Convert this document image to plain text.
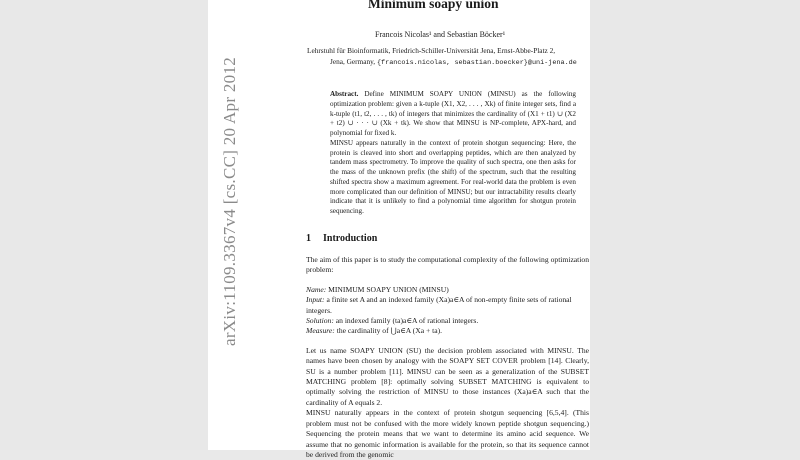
arXiv:1109.3367v4 [cs.CC] 20 Apr 2012
Minimum soapy union
Francois Nicolas¹ and Sebastian Böcker¹
Lehrstuhl für Bioinformatik, Friedrich-Schiller-Universität Jena, Ernst-Abbe-Platz 2,
Jena, Germany, {francois.nicolas, sebastian.boecker}@uni-jena.de

Abstract. Define MINIMUM SOAPY UNION (MINSU) as the following optimization problem: given a k-tuple (X1, X2, . . . , Xk) of finite integer sets, find a k-tuple (t1, t2, . . . , tk) of integers that minimizes the cardinality of (X1 + t1) ∪ (X2 + t2) ∪ · · · ∪ (Xk + tk). We show that MINSU is NP-complete, APX-hard, and polynomial for fixed k.

MINSU appears naturally in the context of protein shotgun sequencing: Here, the protein is cleaved into short and overlapping peptides, which are then analyzed by tandem mass spectrometry. To improve the quality of such spectra, one then asks for the mass of the unknown prefix (the shift) of the spectrum, such that the resulting shifted spectra show a maximum agreement. For real-world data the problem is even more complicated than our definition of MINSU; but our intractability results clearly indicate that it is unlikely to find a polynomial time algorithm for shotgun protein sequencing.

1 Introduction

The aim of this paper is to study the computational complexity of the following optimization problem:

Name: MINIMUM SOAPY UNION (MINSU)
Input: a finite set A and an indexed family (Xa)a∈A of non-empty finite sets of rational integers.
Solution: an indexed family (ta)a∈A of rational integers.
Measure: the cardinality of ⋃a∈A (Xa + ta).

Let us name SOAPY UNION (SU) the decision problem associated with MINSU. The names have been chosen by analogy with the SOAPY SET COVER problem [14]. Clearly, SU is a number problem [11]. MINSU can be seen as a generalization of the SUBSET MATCHING problem [8]: optimally solving SUBSET MATCHING is equivalent to optimally solving the restriction of MINSU to those instances (Xa)a∈A such that the cardinality of A equals 2.

MINSU naturally appears in the context of protein shotgun sequencing [6,5,4]. (This problem must not be confused with the more widely known peptide shotgun sequencing.) Sequencing the protein means that we want to determine its amino acid sequence. We assume that no genomic information is available for the protein, so that its sequence cannot be derived from the genomic
